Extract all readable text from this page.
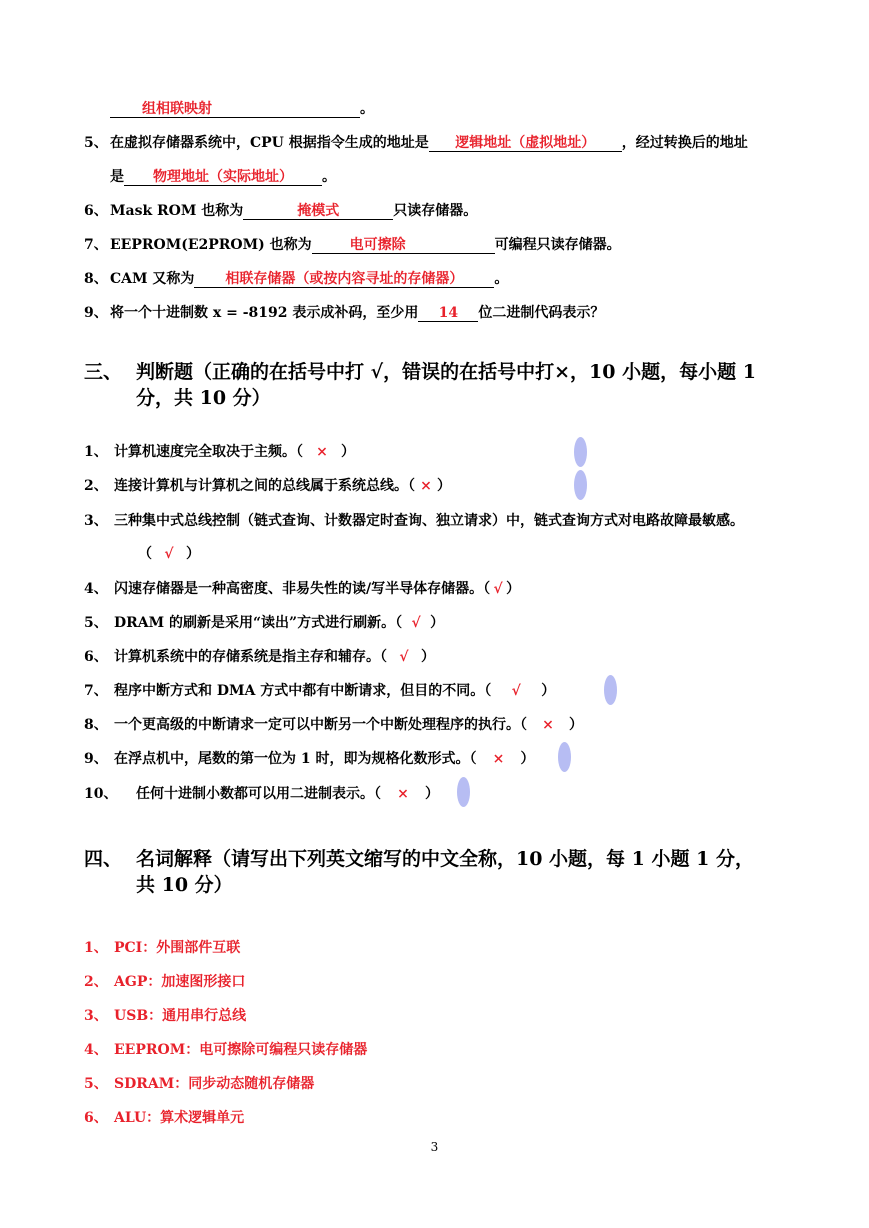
组相联映射	。
5、 在虚拟存储器系统中，CPU 根据指令生成的地址是 逻辑地址（虚拟地址） ，经过转换后的地址
是 物理地址（实际地址） 。
6、 Mask ROM 也称为	掩模式	只读存储器。
7、 EEPROM(E2PROM) 也称为	电可擦除	可编程只读存储器。
8、 CAM 又称为 相联存储器（或按内容寻址的存储器） 。
9、 将一个十进制数 x = -8192 表示成补码，至少用 14 位二进制代码表示？
三、 判断题（正确的在括号中打 √，错误的在括号中打×，10 小题，每小题 1
分，共 10 分）
1、 计算机速度完全取决于主频。（ × ）
2、 连接计算机与计算机之间的总线属于系统总线。（ × ）
3、 三种集中式总线控制（链式查询、计数器定时查询、独立请求）中，链式查询方式对电路故障最敏感。
（ √ ）
4、 闪速存储器是一种高密度、非易失性的读/写半导体存储器。（ √ ）
5、 DRAM 的刷新是采用“读出”方式进行刷新。（ √ ）
6、 计算机系统中的存储系统是指主存和辅存。（ √ ）
7、 程序中断方式和 DMA 方式中都有中断请求，但目的不同。（ √ ）
8、 一个更高级的中断请求一定可以中断另一个中断处理程序的执行。（ × ）
9、 在浮点机中，尾数的第一位为 1 时，即为规格化数形式。（ × ）
10、 任何十进制小数都可以用二进制表示。（ × ）
四、 名词解释（请写出下列英文缩写的中文全称，10 小题，每 1 小题 1 分，
共 10 分）
1、 PCI：外围部件互联
2、 AGP：加速图形接口
3、 USB：通用串行总线
4、 EEPROM：电可擦除可编程只读存储器
5、 SDRAM：同步动态随机存储器
6、 ALU：算术逻辑单元
3
